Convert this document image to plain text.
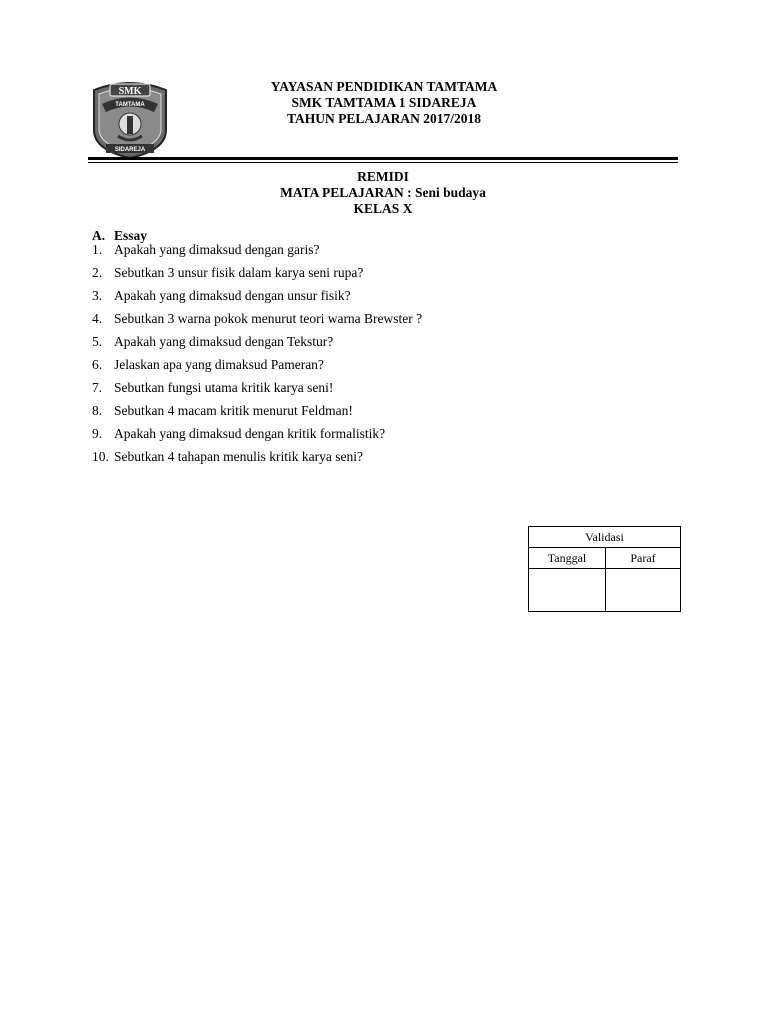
SMK
TAMTAMA
SIDAREJA
YAYASAN PENDIDIKAN TAMTAMA
SMK TAMTAMA 1 SIDAREJA
TAHUN PELAJARAN 2017/2018
REMIDI
MATA PELAJARAN : Seni budaya
KELAS X
A. Essay
1. Apakah yang dimaksud dengan garis?
2. Sebutkan 3 unsur fisik dalam karya seni rupa?
3. Apakah yang dimaksud dengan unsur fisik?
4. Sebutkan 3 warna pokok menurut teori warna Brewster ?
5. Apakah yang dimaksud dengan Tekstur?
6. Jelaskan apa yang dimaksud Pameran?
7. Sebutkan fungsi utama kritik karya seni!
8. Sebutkan 4 macam kritik menurut Feldman!
9. Apakah yang dimaksud dengan kritik formalistik?
10. Sebutkan 4 tahapan menulis kritik karya seni?
Validasi
Tanggal	Paraf
